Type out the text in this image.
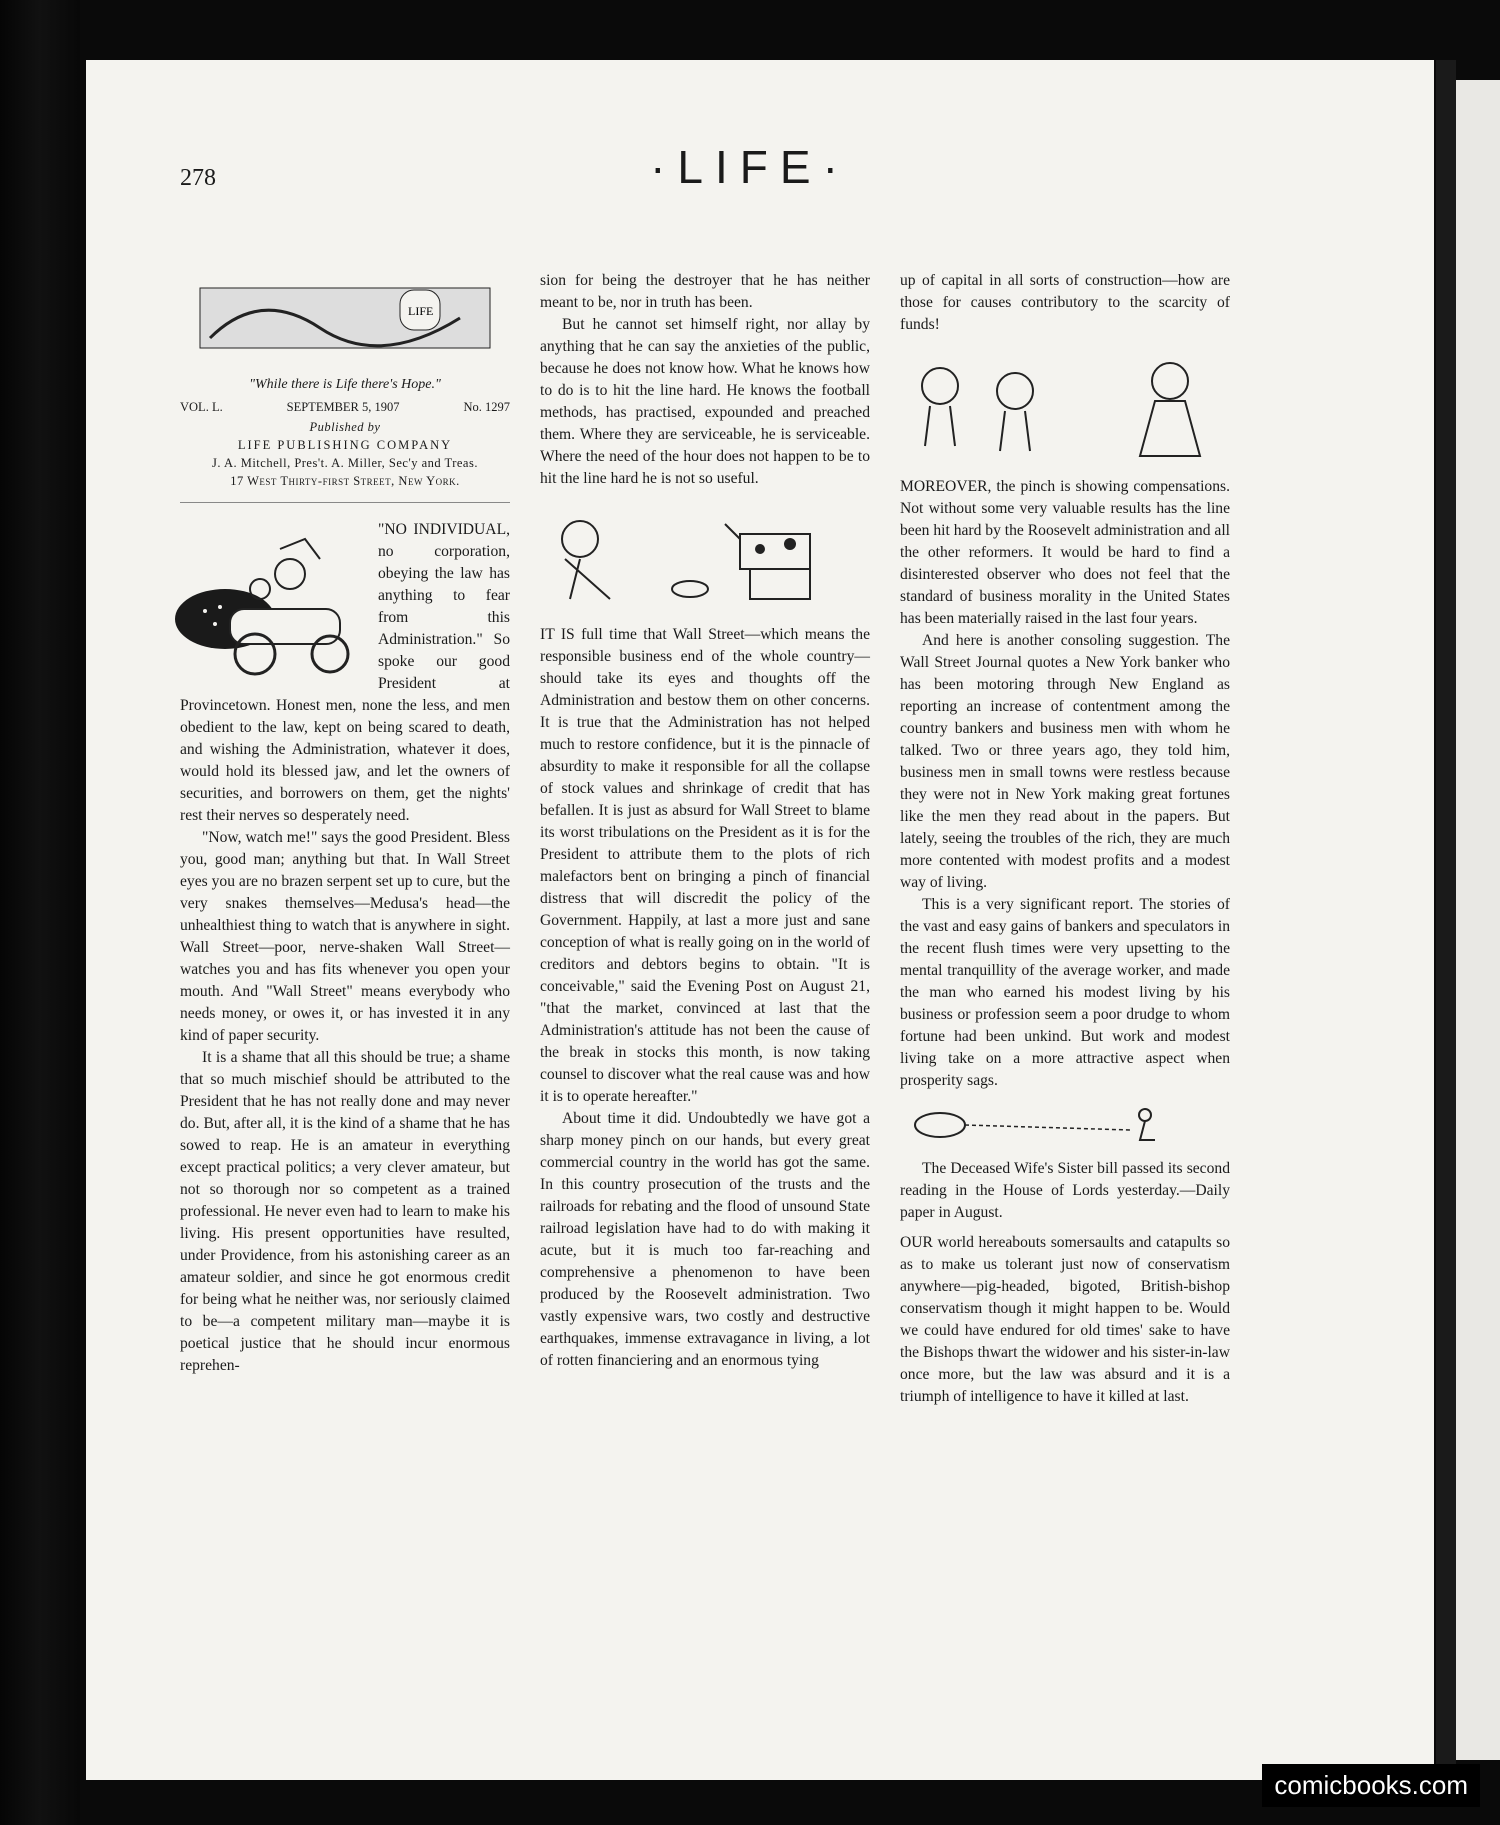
278	·LIFE·
LIFE
"While there is Life there's Hope."
VOL. L.	SEPTEMBER 5, 1907	No. 1297
Published by
LIFE PUBLISHING COMPANY
J. A. Mitchell, Pres't. A. Miller, Sec'y and Treas.
17 West Thirty-first Street, New York.

"NO INDIVIDUAL, no corporation, obeying the law has anything to fear from this Administration." So spoke our good President at Provincetown. Honest men, none the less, and men obedient to the law, kept on being scared to death, and wishing the Administration, whatever it does, would hold its blessed jaw, and let the owners of securities, and borrowers on them, get the nights' rest their nerves so desperately need.

"Now, watch me!" says the good President. Bless you, good man; anything but that. In Wall Street eyes you are no brazen serpent set up to cure, but the very snakes themselves—Medusa's head—the unhealthiest thing to watch that is anywhere in sight. Wall Street—poor, nerve-shaken Wall Street—watches you and has fits whenever you open your mouth. And "Wall Street" means everybody who needs money, or owes it, or has invested it in any kind of paper security.

It is a shame that all this should be true; a shame that so much mischief should be attributed to the President that he has not really done and may never do. But, after all, it is the kind of a shame that he has sowed to reap. He is an amateur in everything except practical politics; a very clever amateur, but not so thorough nor so competent as a trained professional. He never even had to learn to make his living. His present opportunities have resulted, under Providence, from his astonishing career as an amateur soldier, and since he got enormous credit for being what he neither was, nor seriously claimed to be—a competent military man—maybe it is poetical justice that he should incur enormous reprehen-

sion for being the destroyer that he has neither meant to be, nor in truth has been.

But he cannot set himself right, nor allay by anything that he can say the anxieties of the public, because he does not know how. What he knows how to do is to hit the line hard. He knows the football methods, has practised, expounded and preached them. Where they are serviceable, he is serviceable. Where the need of the hour does not happen to be to hit the line hard he is not so useful.

IT IS full time that Wall Street—which means the responsible business end of the whole country—should take its eyes and thoughts off the Administration and bestow them on other concerns. It is true that the Administration has not helped much to restore confidence, but it is the pinnacle of absurdity to make it responsible for all the collapse of stock values and shrinkage of credit that has befallen. It is just as absurd for Wall Street to blame its worst tribulations on the President as it is for the President to attribute them to the plots of rich malefactors bent on bringing a pinch of financial distress that will discredit the policy of the Government. Happily, at last a more just and sane conception of what is really going on in the world of creditors and debtors begins to obtain. "It is conceivable," said the Evening Post on August 21, "that the market, convinced at last that the Administration's attitude has not been the cause of the break in stocks this month, is now taking counsel to discover what the real cause was and how it is to operate hereafter."

About time it did. Undoubtedly we have got a sharp money pinch on our hands, but every great commercial country in the world has got the same. In this country prosecution of the trusts and the railroads for rebating and the flood of unsound State railroad legislation have had to do with making it acute, but it is much too far-reaching and comprehensive a phenomenon to have been produced by the Roosevelt administration. Two vastly expensive wars, two costly and destructive earthquakes, immense extravagance in living, a lot of rotten financiering and an enormous tying

up of capital in all sorts of construction—how are those for causes contributory to the scarcity of funds!

MOREOVER, the pinch is showing compensations. Not without some very valuable results has the line been hit hard by the Roosevelt administration and all the other reformers. It would be hard to find a disinterested observer who does not feel that the standard of business morality in the United States has been materially raised in the last four years.

And here is another consoling suggestion. The Wall Street Journal quotes a New York banker who has been motoring through New England as reporting an increase of contentment among the country bankers and business men with whom he talked. Two or three years ago, they told him, business men in small towns were restless because they were not in New York making great fortunes like the men they read about in the papers. But lately, seeing the troubles of the rich, they are much more contented with modest profits and a modest way of living.

This is a very significant report. The stories of the vast and easy gains of bankers and speculators in the recent flush times were very upsetting to the mental tranquillity of the average worker, and made the man who earned his modest living by his business or profession seem a poor drudge to whom fortune had been unkind. But work and modest living take on a more attractive aspect when prosperity sags.

The Deceased Wife's Sister bill passed its second reading in the House of Lords yesterday.—Daily paper in August.

OUR world hereabouts somersaults and catapults so as to make us tolerant just now of conservatism anywhere—pig-headed, bigoted, British-bishop conservatism though it might happen to be. Would we could have endured for old times' sake to have the Bishops thwart the widower and his sister-in-law once more, but the law was absurd and it is a triumph of intelligence to have it killed at last.

comicbooks.com
